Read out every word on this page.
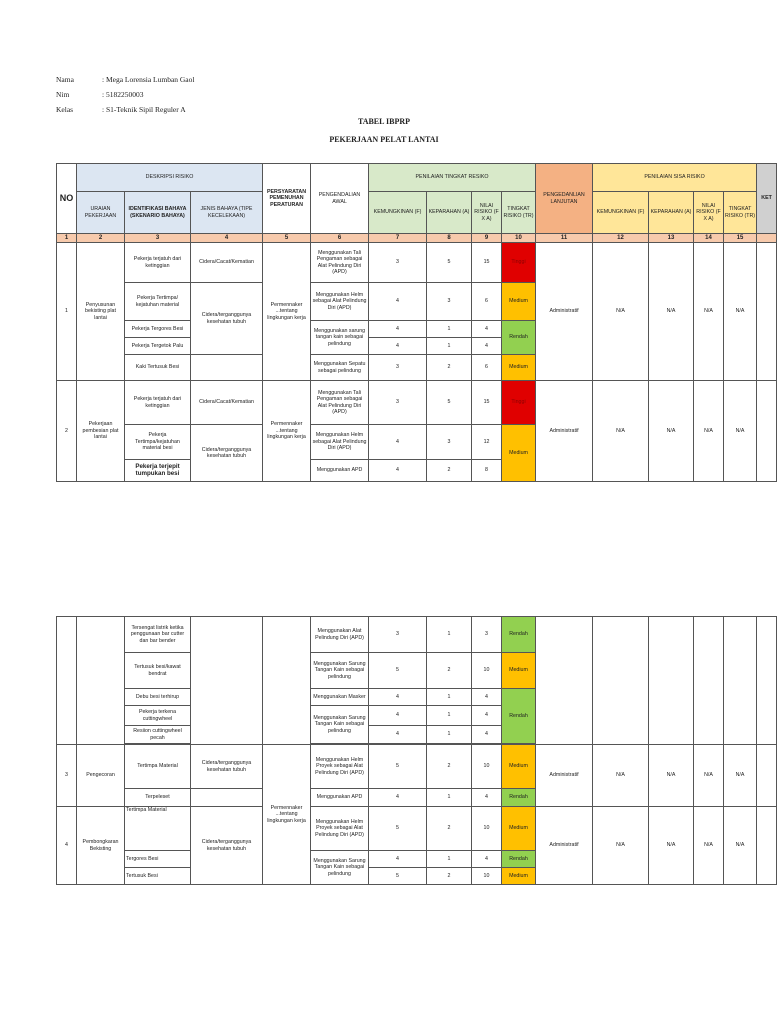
Nama	: Mega Lorensia Lumban Gaol
Nim	: 5182250003
Kelas	: S1-Teknik Sipil Reguler A
TABEL IBPRP
PEKERJAAN PELAT LANTAI
NO	DESKRIPSI RISIKO			PERSYARATAN PEMENUHAN PERATURAN	PENGENDALIAN AWAL	PENILAIAN TINGKAT RESIKO				PENGEDANLIAN LANJUTAN	PENILAIAN SISA RISIKO				KET
	URAIAN PEKERJAAN	IDENTIFIKASI BAHAYA (SKENARIO BAHAYA)	JENIS BAHAYA (TIPE KECELEKAAN)			KEMUNGKINAN (F)	KEPARAHAN (A)	NILAI RISIKO (F X A)	TINGKAT RISIKO (TR)		KEMUNGKINAN (F)	KEPARAHAN (A)	NILAI RISIKO (F X A)	TINGKAT RISIKO (TR)	
1	2	3	4	5	6	7	8	9	10	11	12	13	14	15	
1	Penyusunan bekisting plat lantai	Pekerja terjatuh dari ketinggian	Cidera/Cacat/Kematian	Permennaker ...tentang lingkungan kerja	Menggunakan Tali Pengaman sebagai Alat Pelindung Diri (APD)	3	5	15	Tinggi	Administratif	N/A	N/A	N/A	N/A	
		Pekerja Tertimpa/ kejatuhan material	Cidera/terganggunya kesehatan tubuh		Menggunakan Helm sebagai Alat Pelindung Diri (APD)	4	3	6	Medium						
		Pekerja Tergores Besi			Menggunakan sarung tangan kain sebagai pelindung	4	1	4	Rendah						
		Pekerja Tergetok Palu				4	1	4							
		Kaki Tertusuk Besi			Menggunakan Sepatu sebagai pelindung	3	2	6	Medium						
2	Pekerjaan pembesian plat lantai	Pekerja terjatuh dari ketinggian	Cidera/Cacat/Kematian	Permennaker ...tentang lingkungan kerja	Menggunakan Tali Pengaman sebagai Alat Pelindung Diri (APD)	3	5	15	Tinggi	Administratif	N/A	N/A	N/A	N/A	
		Pekerja Tertimpa/kejatuhan material besi	Cidera/terganggunya kesehatan tubuh		Menggunakan Helm sebagai Alat Pelindung Diri (APD)	4	3	12	Medium						
		Pekerja terjepit tumpukan besi			Menggunakan APD	4	2	8							
		Tersengat listrik ketika penggunaan bar cutter dan bar bender			Menggunakan Alat Pelindung Diri (APD)	3	1	3	Rendah						
		Tertusuk besi/kawat bendrat			Menggunakan Sarung Tangan Kain sebagai pelindung	5	2	10	Medium						
		Debu besi terhirup			Menggunakan Masker	4	1	4	Rendah						
		Pekerja terkena cuttingwheel			Menggunakan Sarung Tangan Kain sebagai pelindung	4	1	4							
		Resiion cuttingwheel pecah				4	1	4							

3	Pengecoran	Tertimpa Material	Cidera/terganggunya kesehatan tubuh	Permennaker ...tentang lingkungan kerja	Menggunakan Helm Proyek sebagai Alat Pelindung Diri (APD)	5	2	10	Medium	Administratif	N/A	N/A	N/A	N/A	
		Terpeleset			Menggunakan APD	4	1	4	Rendah						
4	Pembongkaran Bekisting	Tertimpa Material	Cidera/terganggunya kesehatan tubuh		Menggunakan Helm Proyek sebagai Alat Pelindung Diri (APD)	5	2	10	Medium	Administratif	N/A	N/A	N/A	N/A	
		Tergores Besi			Menggunakan Sarung Tangan Kain sebagai pelindung	4	1	4	Rendah						
		Tertusuk Besi				5	2	10	Medium						
